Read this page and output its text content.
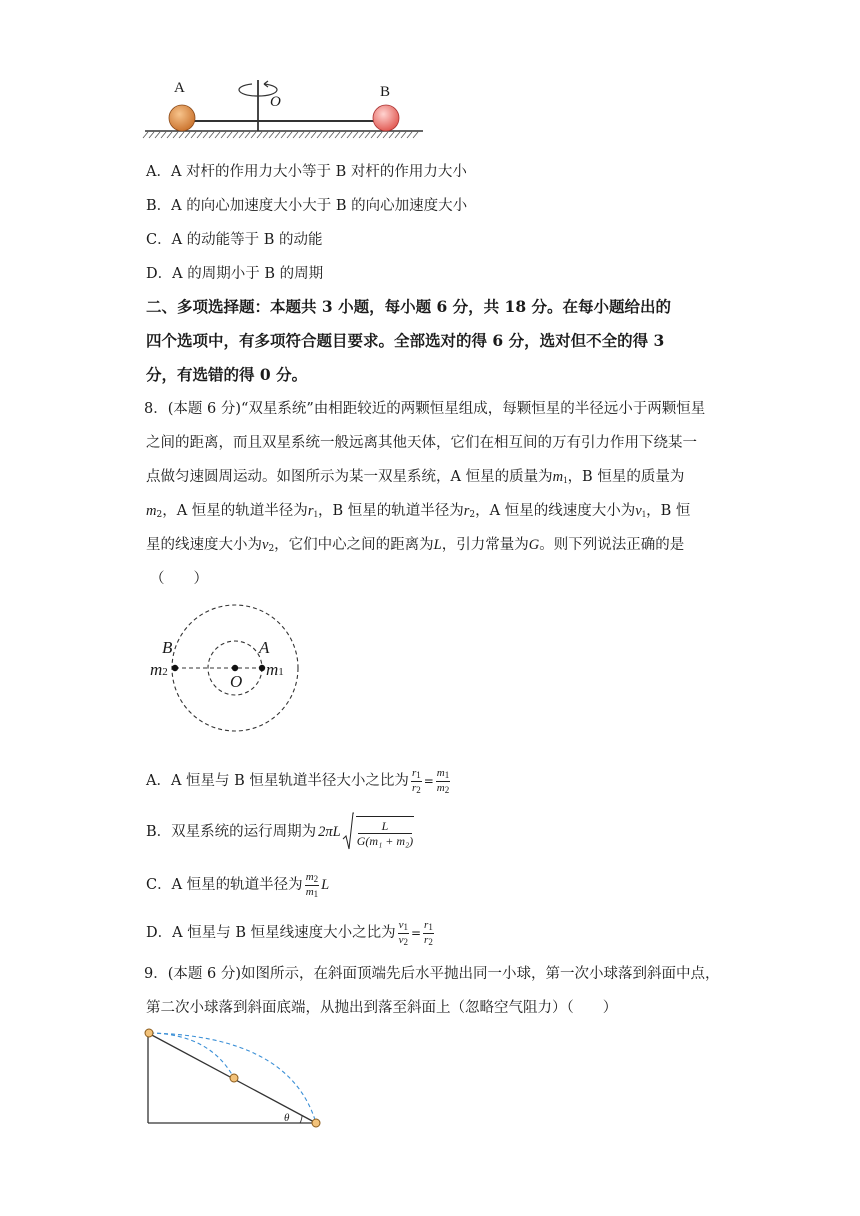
A
O
B
A．A 对杆的作用力大小等于 B 对杆的作用力大小
B．A 的向心加速度大小大于 B 的向心加速度大小
C．A 的动能等于 B 的动能
D．A 的周期小于 B 的周期
二、多项选择题：本题共 3 小题，每小题 6 分，共 18 分。在每小题给出的
四个选项中，有多项符合题目要求。全部选对的得 6 分，选对但不全的得 3
分，有选错的得 0 分。
8．(本题 6 分)“双星系统”由相距较近的两颗恒星组成，每颗恒星的半径远小于两颗恒星
之间的距离，而且双星系统一般远离其他天体，它们在相互间的万有引力作用下绕某一
点做匀速圆周运动。如图所示为某一双星系统，A 恒星的质量为$m_1$，B 恒星的质量为
$m_2$，A 恒星的轨道半径为$r_1$，B 恒星的轨道半径为$r_2$，A 恒星的线速度大小为$v_1$，B 恒
星的线速度大小为$v_2$，它们中心之间的距离为L，引力常量为G。则下列说法正确的是
（　　）
B	A
m2	m1
O
A．A 恒星与 B 恒星轨道半径大小之比为 $\frac{r_1}{r_2} = \frac{m_1}{m_2}$
B．双星系统的运行周期为 $2\pi L \frac{L}{\text{G(m₁ + m₂)}}$
C．A 恒星的轨道半径为 $\frac{m_2}{m_1}$ L
D．A 恒星与 B 恒星线速度大小之比为 $\frac{v_1}{v_2} = \frac{r_1}{r_2}$
9．(本题 6 分)如图所示，在斜面顶端先后水平抛出同一小球，第一次小球落到斜面中点，
第二次小球落到斜面底端，从抛出到落至斜面上（忽略空气阻力）（　　）
θ
